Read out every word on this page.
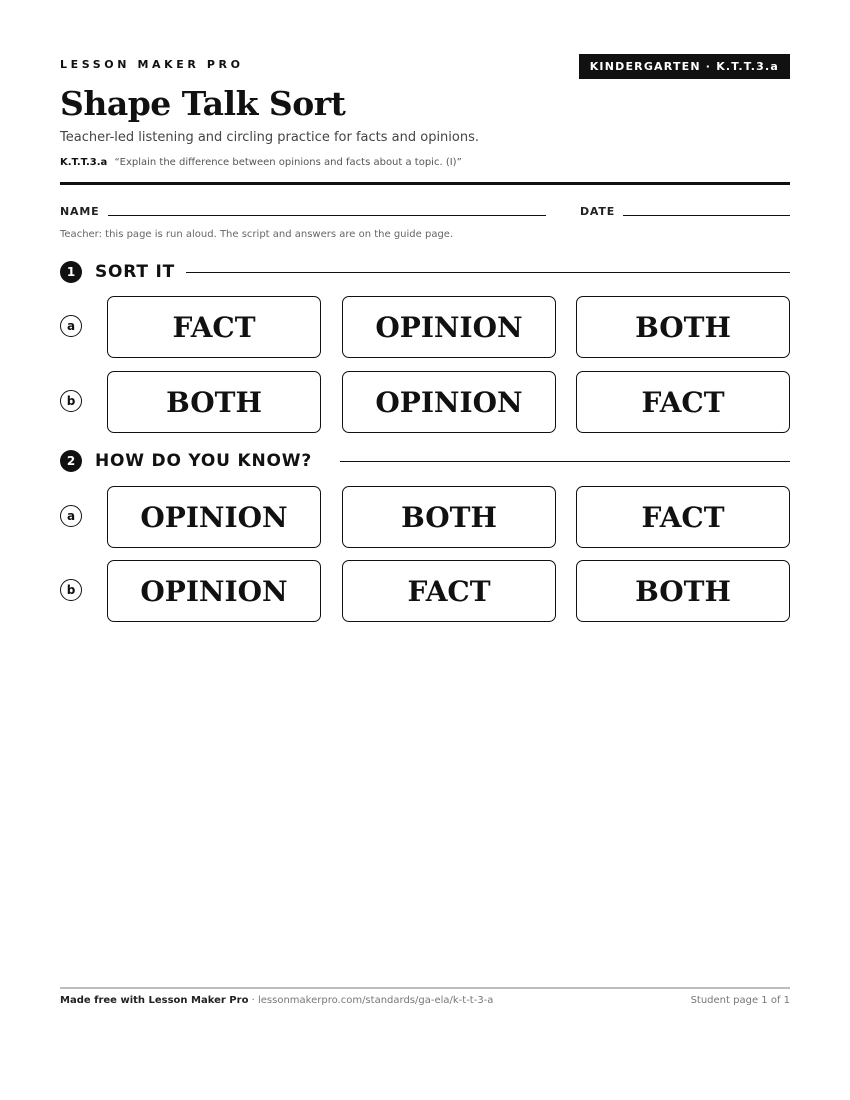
LESSON MAKER PRO	KINDERGARTEN · K.T.T.3.a
Shape Talk Sort
Teacher-led listening and circling practice for facts and opinions.
K.T.T.3.a “Explain the difference between opinions and facts about a topic. (I)”
NAME	DATE
Teacher: this page is run aloud. The script and answers are on the guide page.
1	SORT IT
a	FACT	OPINION	BOTH
b	BOTH	OPINION	FACT
2	HOW DO YOU KNOW?
a	OPINION	BOTH	FACT
b	OPINION	FACT	BOTH
Made free with Lesson Maker Pro · lessonmakerpro.com/standards/ga-ela/k-t-t-3-a	Student page 1 of 1
